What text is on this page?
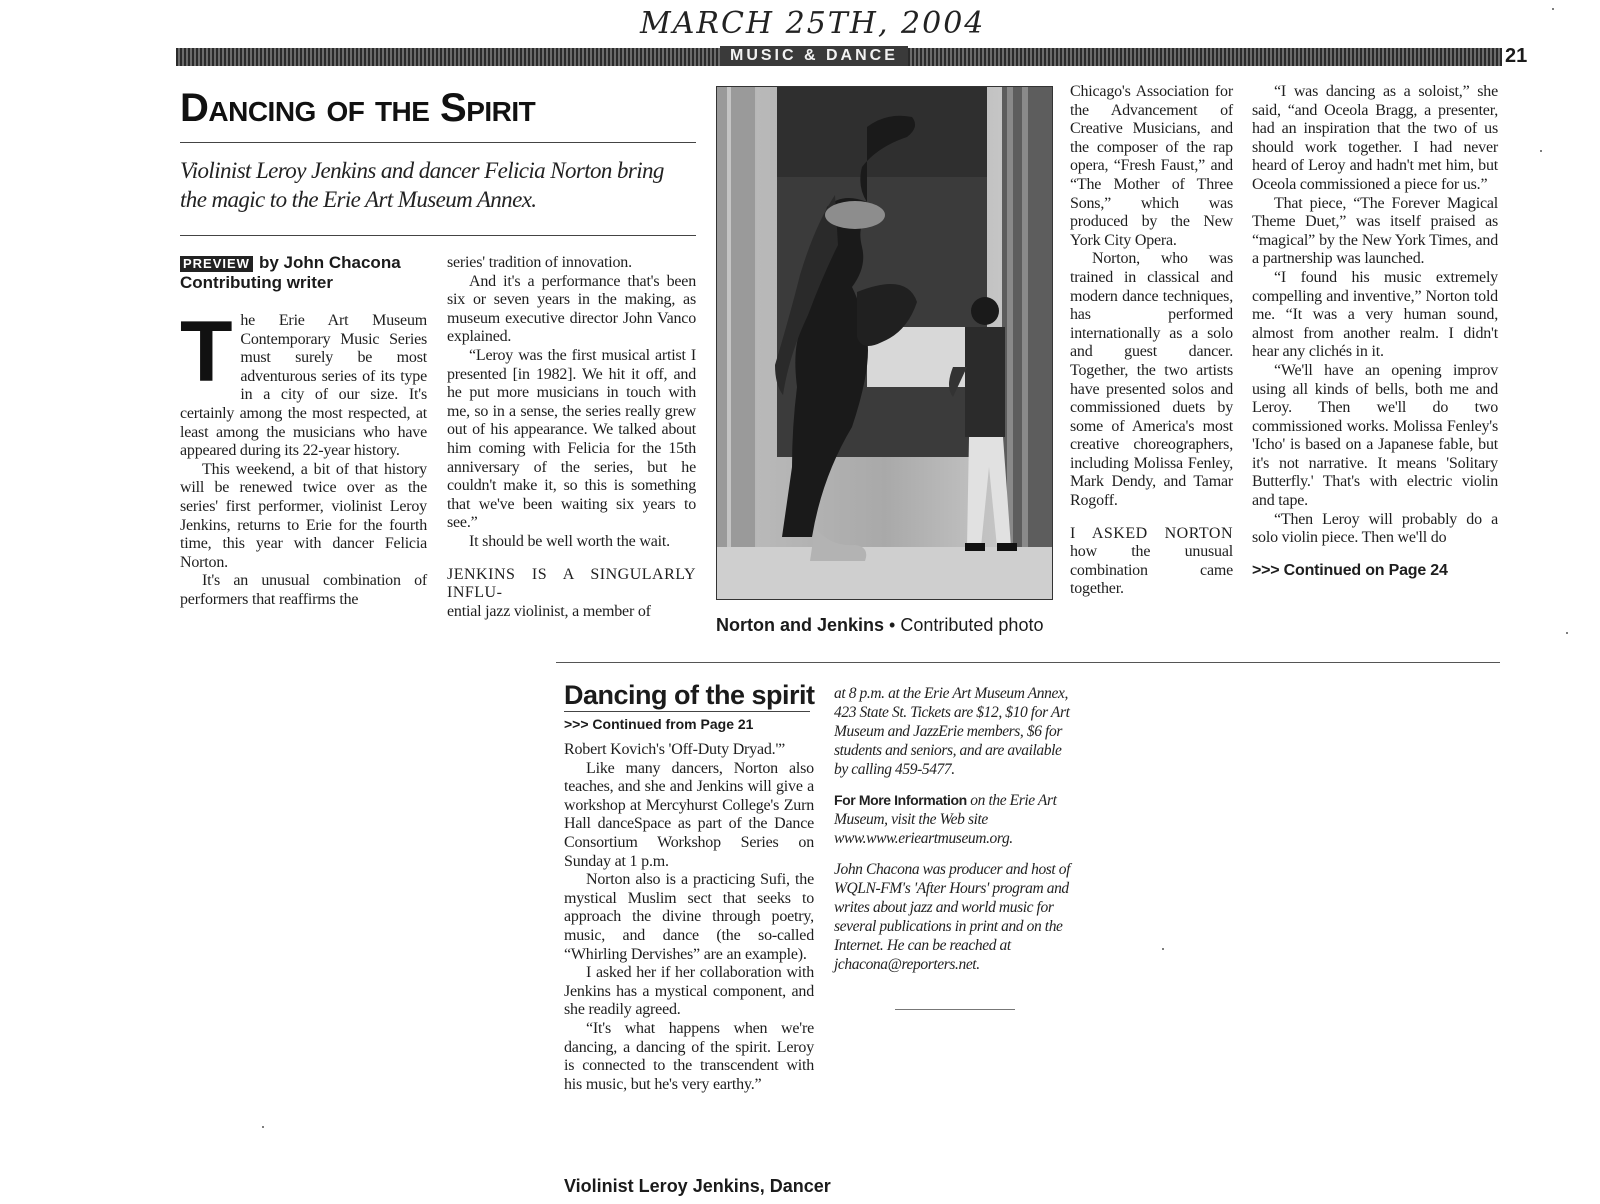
MARCH 25TH, 2004
MUSIC & DANCE	21
Dancing of the Spirit
Violinist Leroy Jenkins and dancer Felicia Norton bring the magic to the Erie Art Museum Annex.
PREVIEW by John Chacona
Contributing writer

The Erie Art Museum Contemporary Music Series must surely be most adventurous series of its type in a city of our size. It's certainly among the most respected, at least among the musicians who have appeared during its 22-year history.

This weekend, a bit of that history will be renewed twice over as the series' first performer, violinist Leroy Jenkins, returns to Erie for the fourth time, this year with dancer Felicia Norton.

It's an unusual combination of performers that reaffirms the

series' tradition of innovation.

And it's a performance that's been six or seven years in the making, as museum executive director John Vanco explained.

“Leroy was the first musical artist I presented [in 1982]. We hit it off, and he put more musicians in touch with me, so in a sense, the series really grew out of his appearance. We talked about him coming with Felicia for the 15th anniversary of the series, but he couldn't make it, so this is something that we've been waiting six years to see.”

It should be well worth the wait.

JENKINS IS A SINGULARLY INFLU-
ential jazz violinist, a member of

Norton and Jenkins • Contributed photo

Chicago's Association for the Advancement of Creative Musicians, and the composer of the rap opera, “Fresh Faust,” and “The Mother of Three Sons,” which was produced by the New York City Opera.

Norton, who was trained in classical and modern dance techniques, has performed internationally as a solo and guest dancer. Together, the two artists have presented solos and commissioned duets by some of America's most creative choreographers, including Molissa Fenley, Mark Dendy, and Tamar Rogoff.

I ASKED NORTON how the unusual combination came together.

“I was dancing as a soloist,” she said, “and Oceola Bragg, a presenter, had an inspiration that the two of us should work together. I had never heard of Leroy and hadn't met him, but Oceola commissioned a piece for us.”

That piece, “The Forever Magical Theme Duet,” was itself praised as “magical” by the New York Times, and a partnership was launched.

“I found his music extremely compelling and inventive,” Norton told me. “It was a very human sound, almost from another realm. I didn't hear any clichés in it.

“We'll have an opening improv using all kinds of bells, both me and Leroy. Then we'll do two commissioned works. Molissa Fenley's 'Icho' is based on a Japanese fable, but it's not narrative. It means 'Solitary Butterfly.' That's with electric violin and tape.

“Then Leroy will probably do a solo violin piece. Then we'll do

>>> Continued on Page 24
Dancing of the spirit
>>> Continued from Page 21

Robert Kovich's 'Off-Duty Dryad.'”

Like many dancers, Norton also teaches, and she and Jenkins will give a workshop at Mercyhurst College's Zurn Hall danceSpace as part of the Dance Consortium Workshop Series on Sunday at 1 p.m.

Norton also is a practicing Sufi, the mystical Muslim sect that seeks to approach the divine through poetry, music, and dance (the so-called “Whirling Dervishes” are an example).

I asked her if her collaboration with Jenkins has a mystical component, and she readily agreed.

“It's what happens when we're dancing, a dancing of the spirit. Leroy is connected to the transcendent with his music, but he's very earthy.”

at 8 p.m. at the Erie Art Museum Annex, 423 State St. Tickets are $12, $10 for Art Museum and JazzErie members, $6 for students and seniors, and are available by calling 459-5477.

For More Information on the Erie Art Museum, visit the Web site www.www.erieartmuseum.org.

John Chacona was producer and host of WQLN-FM's 'After Hours' program and writes about jazz and world music for several publications in print and on the Internet. He can be reached at jchacona@reporters.net.

Violinist Leroy Jenkins, Dancer
